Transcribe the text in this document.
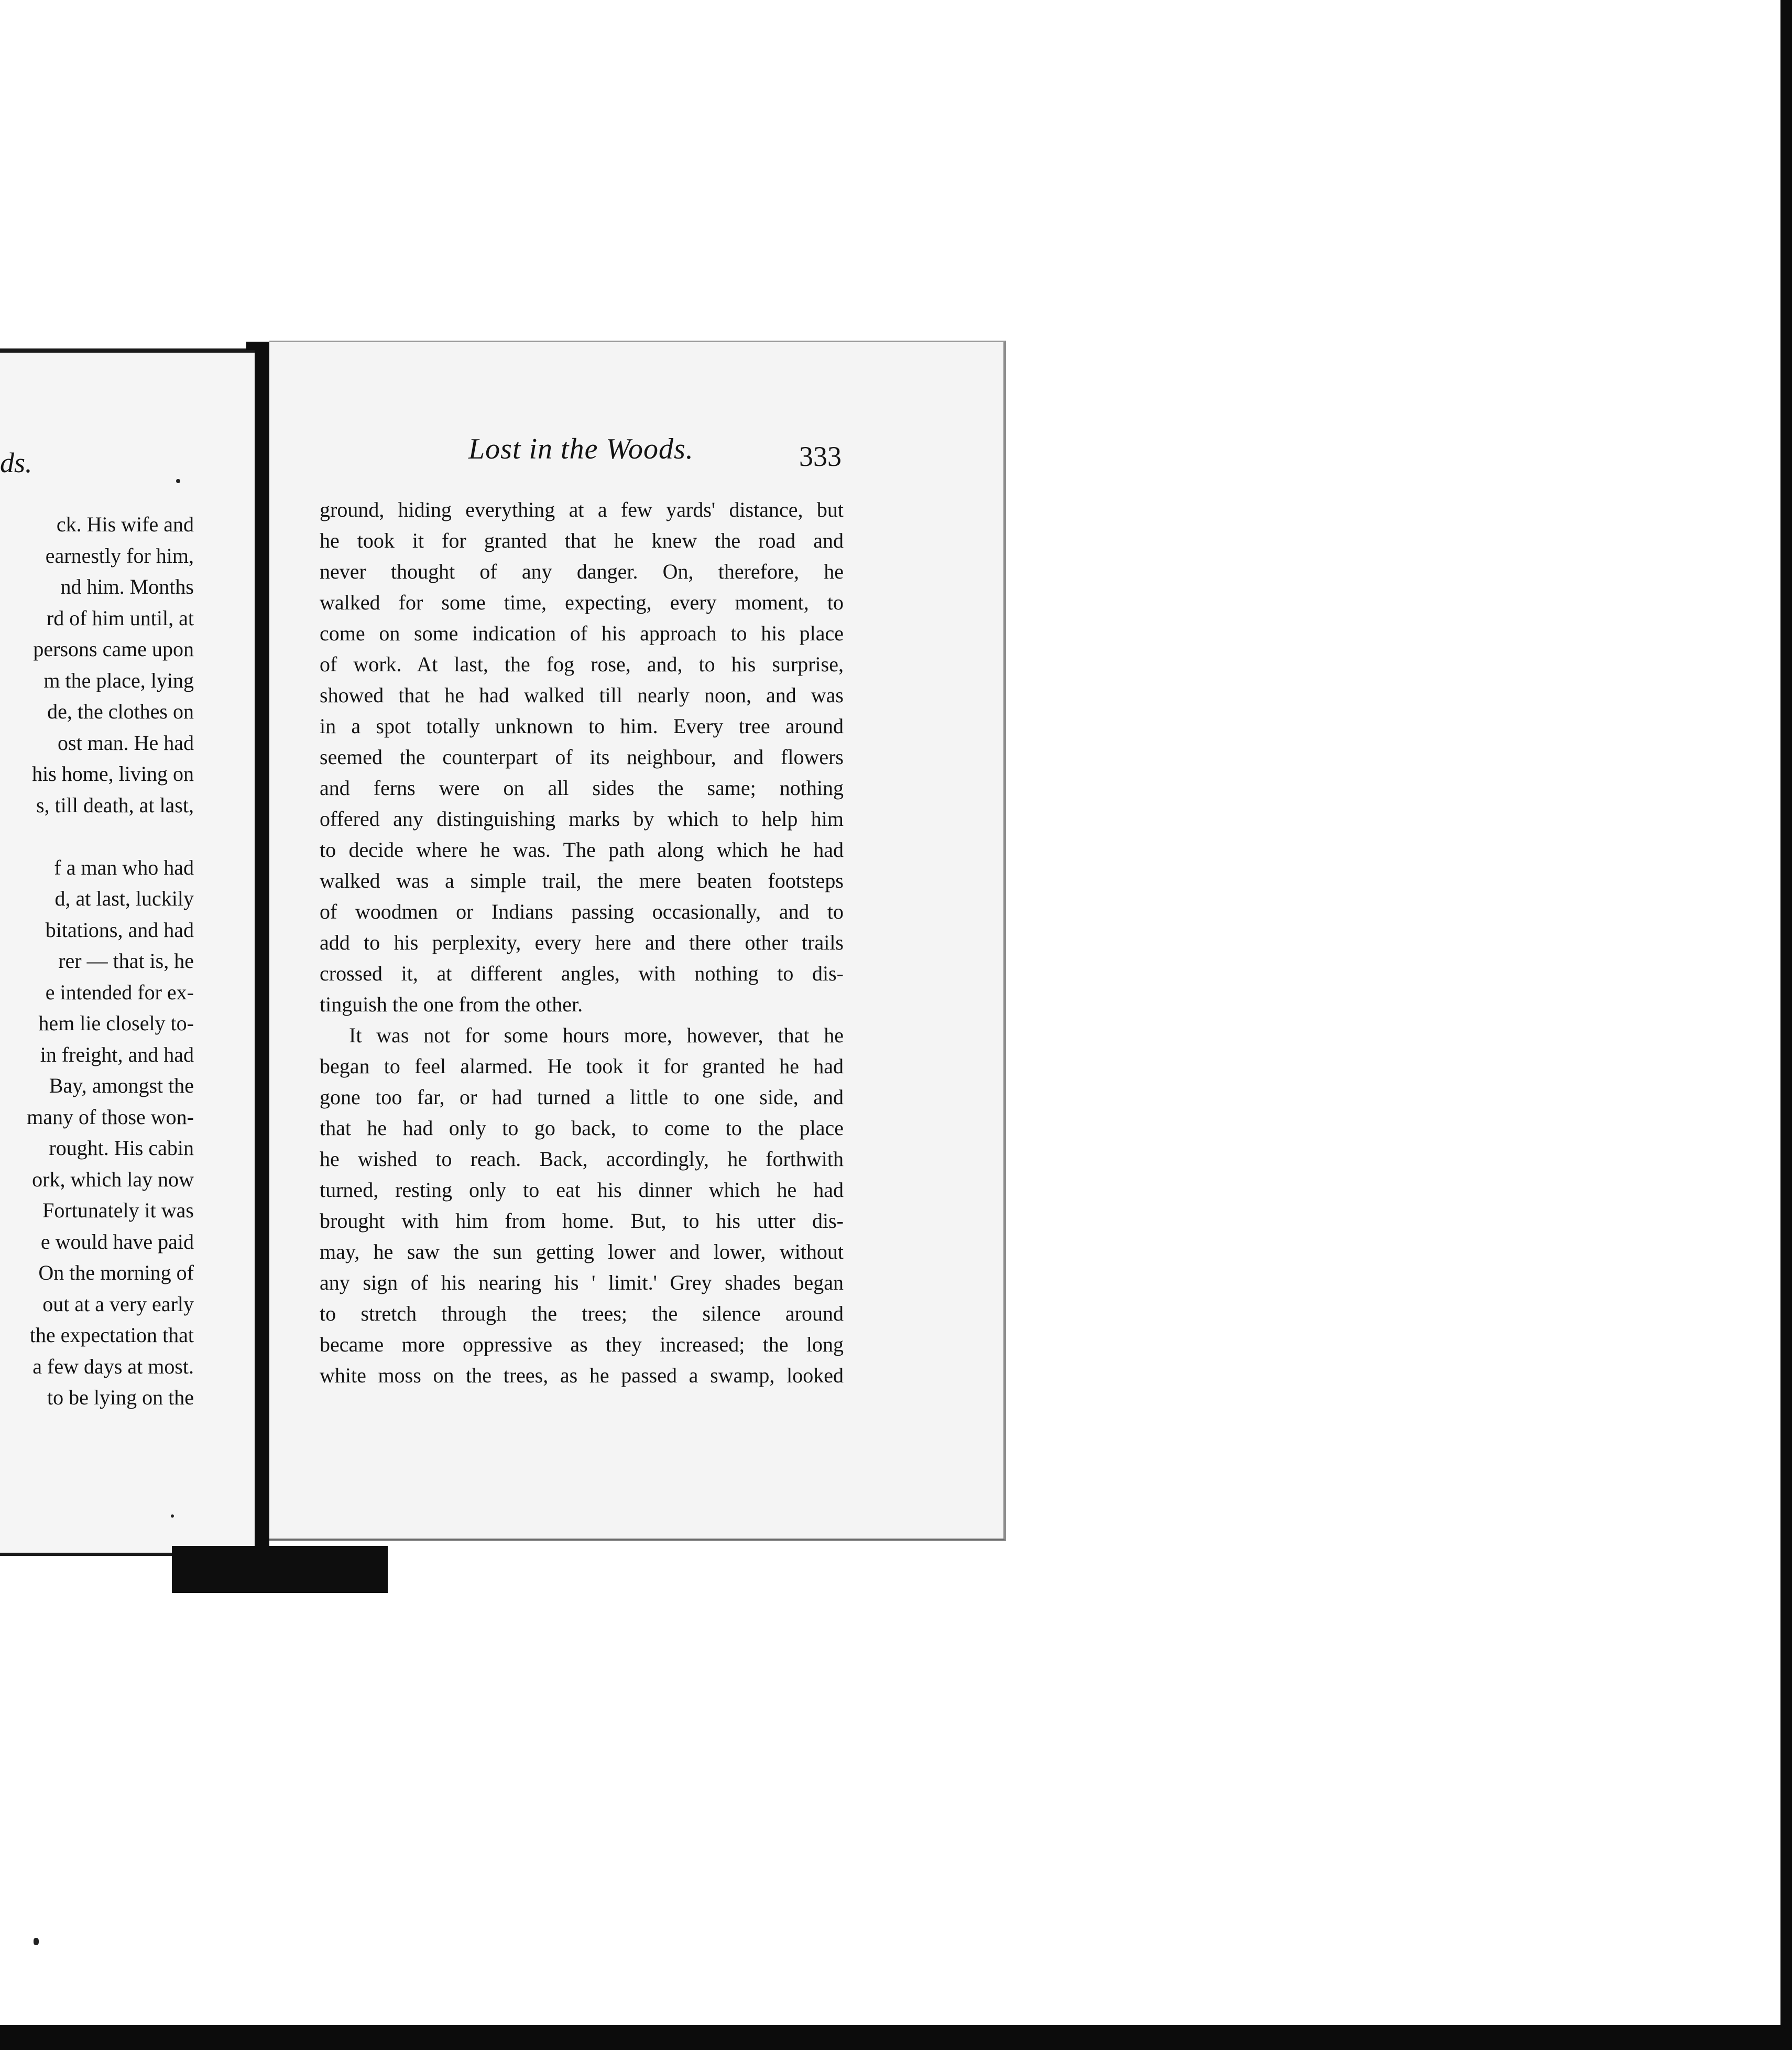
ds.
ck. His wife and
earnestly for him,
nd him. Months
rd of him until, at
persons came upon
m the place, lying
de, the clothes on
ost man. He had
his home, living on
s, till death, at last,
f a man who had
d, at last, luckily
bitations, and had
rer — that is, he
e intended for ex-
hem lie closely to-
in freight, and had
Bay, amongst the
many of those won-
rought. His cabin
ork, which lay now
Fortunately it was
e would have paid
On the morning of
out at a very early
the expectation that
a few days at most.
to be lying on the
Lost in the Woods.	333
ground, hiding everything at a few yards' distance, but
he took it for granted that he knew the road and
never thought of any danger. On, therefore, he
walked for some time, expecting, every moment, to
come on some indication of his approach to his place
of work. At last, the fog rose, and, to his surprise,
showed that he had walked till nearly noon, and was
in a spot totally unknown to him. Every tree around
seemed the counterpart of its neighbour, and flowers
and ferns were on all sides the same; nothing
offered any distinguishing marks by which to help him
to decide where he was. The path along which he had
walked was a simple trail, the mere beaten footsteps
of woodmen or Indians passing occasionally, and to
add to his perplexity, every here and there other trails
crossed it, at different angles, with nothing to dis-
tinguish the one from the other.
It was not for some hours more, however, that he
began to feel alarmed. He took it for granted he had
gone too far, or had turned a little to one side, and
that he had only to go back, to come to the place
he wished to reach. Back, accordingly, he forthwith
turned, resting only to eat his dinner which he had
brought with him from home. But, to his utter dis-
may, he saw the sun getting lower and lower, without
any sign of his nearing his ' limit.' Grey shades began
to stretch through the trees; the silence around
became more oppressive as they increased; the long
white moss on the trees, as he passed a swamp, looked
